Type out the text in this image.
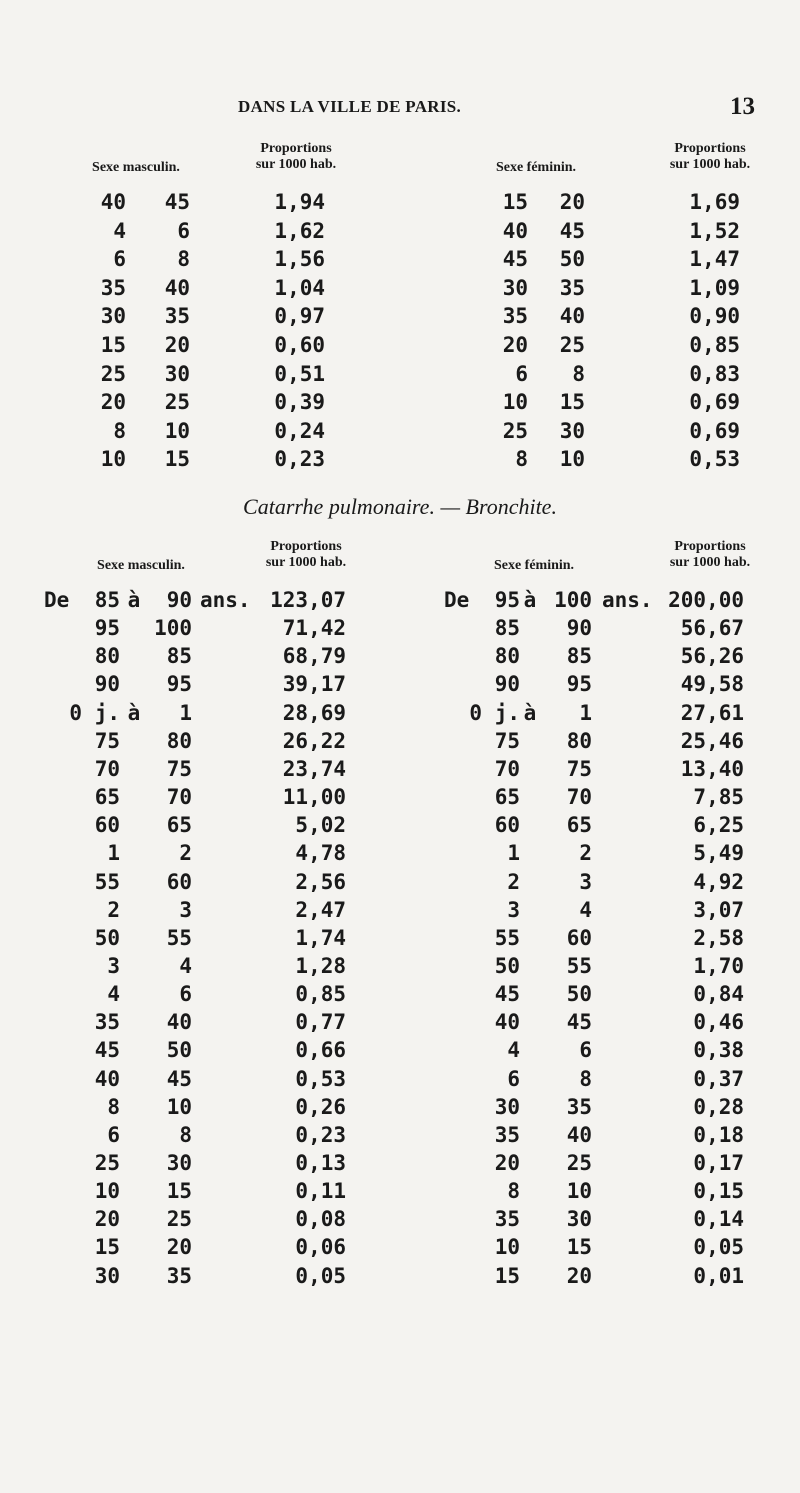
DANS LA VILLE DE PARIS.	13
Sexe masculin.
Proportions
sur 1000 hab.	Sexe féminin.
Proportions
sur 1000 hab.
40	45	1,94	15	20	1,69
4	6	1,62	40	45	1,52
6	8	1,56	45	50	1,47
35	40	1,04	30	35	1,09
30	35	0,97	35	40	0,90
15	20	0,60	20	25	0,85
25	30	0,51	6	8	0,83
20	25	0,39	10	15	0,69
8	10	0,24	25	30	0,69
10	15	0,23	8	10	0,53
Catarrhe pulmonaire. — Bronchite.
Sexe masculin.
Proportions
sur 1000 hab.	Sexe féminin.
Proportions
sur 1000 hab.
De	85 à	90 ans. 123,07	De	95 à 100 ans. 200,00
95	100	71,42	85	90	56,67
80	85	68,79	80	85	56,26
90	95	39,17	90	95	49,58
0 j. à	1	28,69	0 j. à	1	27,61
75	80	26,22	75	80	25,46
70	75	23,74	70	75	13,40
65	70	11,00	65	70	7,85
60	65	5,02	60	65	6,25
1	2	4,78	1	2	5,49
55	60	2,56	2	3	4,92
2	3	2,47	3	4	3,07
50	55	1,74	55	60	2,58
3	4	1,28	50	55	1,70
4	6	0,85	45	50	0,84
35	40	0,77	40	45	0,46
45	50	0,66	4	6	0,38
40	45	0,53	6	8	0,37
8	10	0,26	30	35	0,28
6	8	0,23	35	40	0,18
25	30	0,13	20	25	0,17
10	15	0,11	8	10	0,15
20	25	0,08	35	30	0,14
15	20	0,06	10	15	0,05
30	35	0,05	15	20	0,01
